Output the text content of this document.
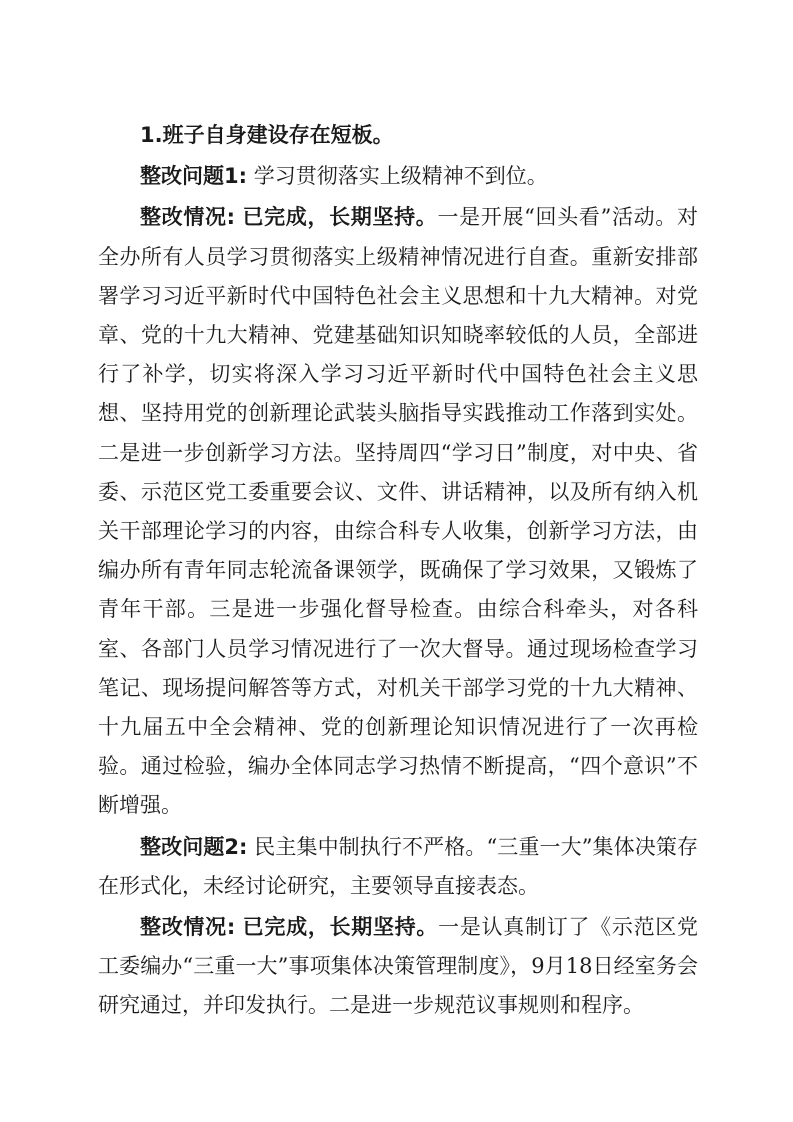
1.班子自身建设存在短板。

整改问题1: 学习贯彻落实上级精神不到位。

整改情况: 已完成，长期坚持。一是开展“回头看”活动。对全办所有人员学习贯彻落实上级精神情况进行自查。重新安排部署学习习近平新时代中国特色社会主义思想和十九大精神。对党章、党的十九大精神、党建基础知识知晓率较低的人员，全部进行了补学，切实将深入学习习近平新时代中国特色社会主义思想、坚持用党的创新理论武装头脑指导实践推动工作落到实处。二是进一步创新学习方法。坚持周四“学习日”制度，对中央、省委、示范区党工委重要会议、文件、讲话精神，以及所有纳入机关干部理论学习的内容，由综合科专人收集，创新学习方法，由编办所有青年同志轮流备课领学，既确保了学习效果，又锻炼了青年干部。三是进一步强化督导检查。由综合科牵头，对各科室、各部门人员学习情况进行了一次大督导。通过现场检查学习笔记、现场提问解答等方式，对机关干部学习党的十九大精神、十九届五中全会精神、党的创新理论知识情况进行了一次再检验。通过检验，编办全体同志学习热情不断提高，“四个意识”不断增强。

整改问题2: 民主集中制执行不严格。“三重一大”集体决策存在形式化，未经讨论研究，主要领导直接表态。

整改情况: 已完成，长期坚持。一是认真制订了《示范区党工委编办“三重一大”事项集体决策管理制度》，9月18日经室务会研究通过，并印发执行。二是进一步规范议事规则和程序。
